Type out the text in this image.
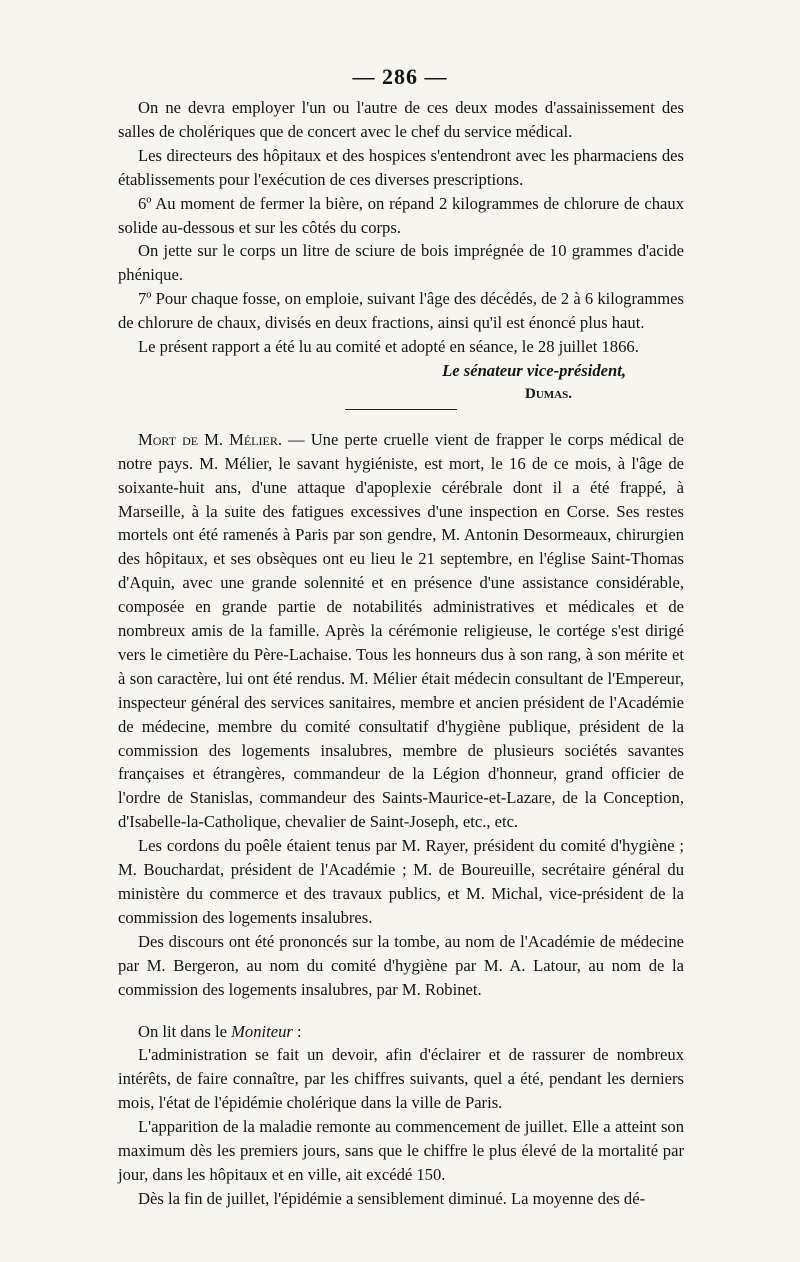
— 286 —

On ne devra employer l'un ou l'autre de ces deux modes d'assainissement des salles de cholériques que de concert avec le chef du service médical.

Les directeurs des hôpitaux et des hospices s'entendront avec les pharmaciens des établissements pour l'exécution de ces diverses prescriptions.

6º Au moment de fermer la bière, on répand 2 kilogrammes de chlorure de chaux solide au-dessous et sur les côtés du corps.

On jette sur le corps un litre de sciure de bois imprégnée de 10 grammes d'acide phénique.

7º Pour chaque fosse, on emploie, suivant l'âge des décédés, de 2 à 6 kilogrammes de chlorure de chaux, divisés en deux fractions, ainsi qu'il est énoncé plus haut.

Le présent rapport a été lu au comité et adopté en séance, le 28 juillet 1866.

Le sénateur vice-président,

Dumas.

Mort de M. Mélier. — Une perte cruelle vient de frapper le corps médical de notre pays. M. Mélier, le savant hygiéniste, est mort, le 16 de ce mois, à l'âge de soixante-huit ans, d'une attaque d'apoplexie cérébrale dont il a été frappé, à Marseille, à la suite des fatigues excessives d'une inspection en Corse. Ses restes mortels ont été ramenés à Paris par son gendre, M. Antonin Desormeaux, chirurgien des hôpitaux, et ses obsèques ont eu lieu le 21 septembre, en l'église Saint-Thomas d'Aquin, avec une grande solennité et en présence d'une assistance considérable, composée en grande partie de notabilités administratives et médicales et de nombreux amis de la famille. Après la cérémonie religieuse, le cortége s'est dirigé vers le cimetière du Père-Lachaise. Tous les honneurs dus à son rang, à son mérite et à son caractère, lui ont été rendus. M. Mélier était médecin consultant de l'Empereur, inspecteur général des services sanitaires, membre et ancien président de l'Académie de médecine, membre du comité consultatif d'hygiène publique, président de la commission des logements insalubres, membre de plusieurs sociétés savantes françaises et étrangères, commandeur de la Légion d'honneur, grand officier de l'ordre de Stanislas, commandeur des Saints-Maurice-et-Lazare, de la Conception, d'Isabelle-la-Catholique, chevalier de Saint-Joseph, etc., etc.

Les cordons du poêle étaient tenus par M. Rayer, président du comité d'hygiène ; M. Bouchardat, président de l'Académie ; M. de Boureuille, secrétaire général du ministère du commerce et des travaux publics, et M. Michal, vice-président de la commission des logements insalubres.

Des discours ont été prononcés sur la tombe, au nom de l'Académie de médecine par M. Bergeron, au nom du comité d'hygiène par M. A. Latour, au nom de la commission des logements insalubres, par M. Robinet.

On lit dans le Moniteur :

L'administration se fait un devoir, afin d'éclairer et de rassurer de nombreux intérêts, de faire connaître, par les chiffres suivants, quel a été, pendant les derniers mois, l'état de l'épidémie cholérique dans la ville de Paris.

L'apparition de la maladie remonte au commencement de juillet. Elle a atteint son maximum dès les premiers jours, sans que le chiffre le plus élevé de la mortalité par jour, dans les hôpitaux et en ville, ait excédé 150.

Dès la fin de juillet, l'épidémie a sensiblement diminué. La moyenne des dé-
